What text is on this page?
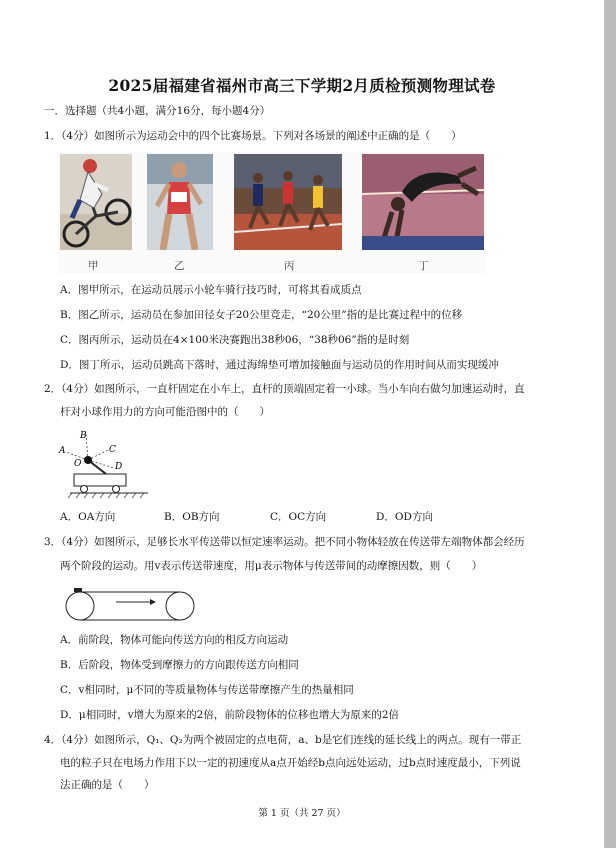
2025届福建省福州市高三下学期2月质检预测物理试卷
一．选择题（共4小题，满分16分，每小题4分）
1．（4分）如图所示为运动会中的四个比赛场景。下列对各场景的阐述中正确的是（　　）
甲	乙	丙	丁
A．图甲所示，在运动员展示小轮车骑行技巧时，可将其看成质点
B．图乙所示，运动员在参加田径女子20公里竞走，“20公里”指的是比赛过程中的位移
C．图丙所示，运动员在4×100米决赛跑出38秒06，“38秒06”指的是时刻
D．图丁所示，运动员跳高下落时，通过海绵垫可增加接触面与运动员的作用时间从而实现缓冲
2．（4分）如图所示，一直杆固定在小车上，直杆的顶端固定着一小球。当小车向右做匀加速运动时，直
杆对小球作用力的方向可能沿图中的（　　）
B
C
A
D
O
A．OA方向	B．OB方向	C．OC方向	D．OD方向
3．（4分）如图所示，足够长水平传送带以恒定速率运动。把不同小物体轻放在传送带左端物体都会经历
两个阶段的运动。用v表示传送带速度，用μ表示物体与传送带间的动摩擦因数，则（　　）
A．前阶段，物体可能向传送方向的相反方向运动
B．后阶段，物体受到摩擦力的方向跟传送方向相同
C．v相同时，μ不同的等质量物体与传送带摩擦产生的热量相同
D．μ相同时，v增大为原来的2倍，前阶段物体的位移也增大为原来的2倍
4．（4分）如图所示，Q₁、Q₂为两个被固定的点电荷，a、b是它们连线的延长线上的两点。现有一带正
电的粒子只在电场力作用下以一定的初速度从a点开始经b点向远处运动，过b点时速度最小，下列说
法正确的是（　　）
第 1 页（共 27 页）
